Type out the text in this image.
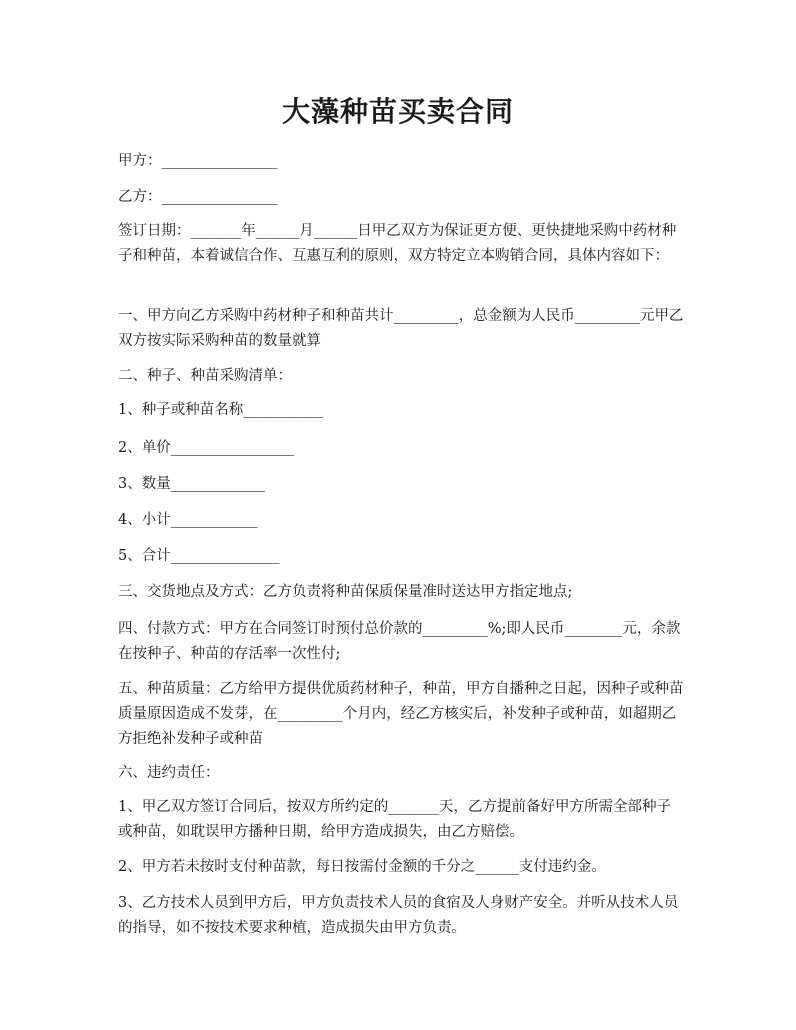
大藻种苗买卖合同
甲方：________________
乙方：________________
签订日期：_______年______月______日甲乙双方为保证更方便、更快捷地采购中药材种子和种苗，本着诚信合作、互惠互利的原则，双方特定立本购销合同，具体内容如下：
一、甲方向乙方采购中药材种子和种苗共计_________，总金额为人民币_________元甲乙双方按实际采购种苗的数量就算
二、种子、种苗采购清单：
1、种子或种苗名称___________
2、单价_________________
3、数量_____________
4、小计____________
5、合计_______________
三、交货地点及方式：乙方负责将种苗保质保量准时送达甲方指定地点;
四、付款方式：甲方在合同签订时预付总价款的_________%;即人民币________元，余款在按种子、种苗的存活率一次性付;
五、种苗质量：乙方给甲方提供优质药材种子，种苗，甲方自播种之日起，因种子或种苗质量原因造成不发芽，在_________个月内，经乙方核实后，补发种子或种苗，如超期乙方拒绝补发种子或种苗
六、违约责任：
1、甲乙双方签订合同后，按双方所约定的_______天，乙方提前备好甲方所需全部种子或种苗，如耽误甲方播种日期，给甲方造成损失，由乙方赔偿。
2、甲方若未按时支付种苗款，每日按需付金额的千分之______支付违约金。
3、乙方技术人员到甲方后，甲方负责技术人员的食宿及人身财产安全。并听从技术人员的指导，如不按技术要求种植，造成损失由甲方负责。
